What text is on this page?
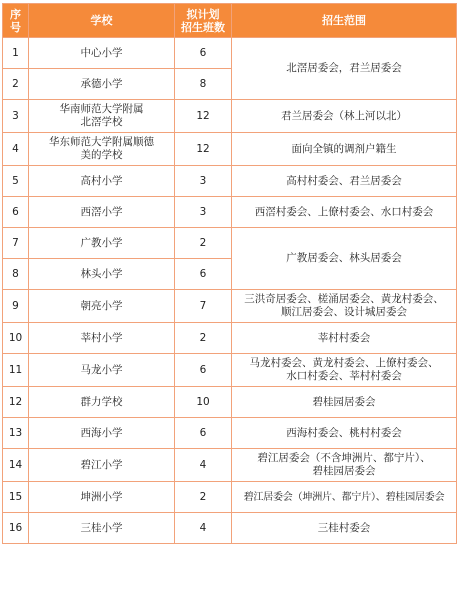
序
号	学校	拟计划
招生班数	招生范围
1	中心小学	6	北滘居委会，君兰居委会
2	承德小学	8	
3	华南师范大学附属
北滘学校	12	君兰居委会（林上河以北）
4	华东师范大学附属顺德
美的学校	12	面向全镇的调剂户籍生
5	高村小学	3	高村村委会、君兰居委会
6	西滘小学	3	西滘村委会、上僚村委会、水口村委会
7	广教小学	2	广教居委会、林头居委会
8	林头小学	6	
9	朝亮小学	7	三洪奇居委会、槎涌居委会、黄龙村委会、
顺江居委会、设计城居委会
10	莘村小学	2	莘村村委会
11	马龙小学	6	马龙村委会、黄龙村委会、上僚村委会、
水口村委会、莘村村委会
12	群力学校	10	碧桂园居委会
13	西海小学	6	西海村委会、桃村村委会
14	碧江小学	4	碧江居委会（不含坤洲片、都宁片）、
碧桂园居委会
15	坤洲小学	2	碧江居委会（坤洲片、都宁片）、碧桂园居委会
16	三桂小学	4	三桂村委会
